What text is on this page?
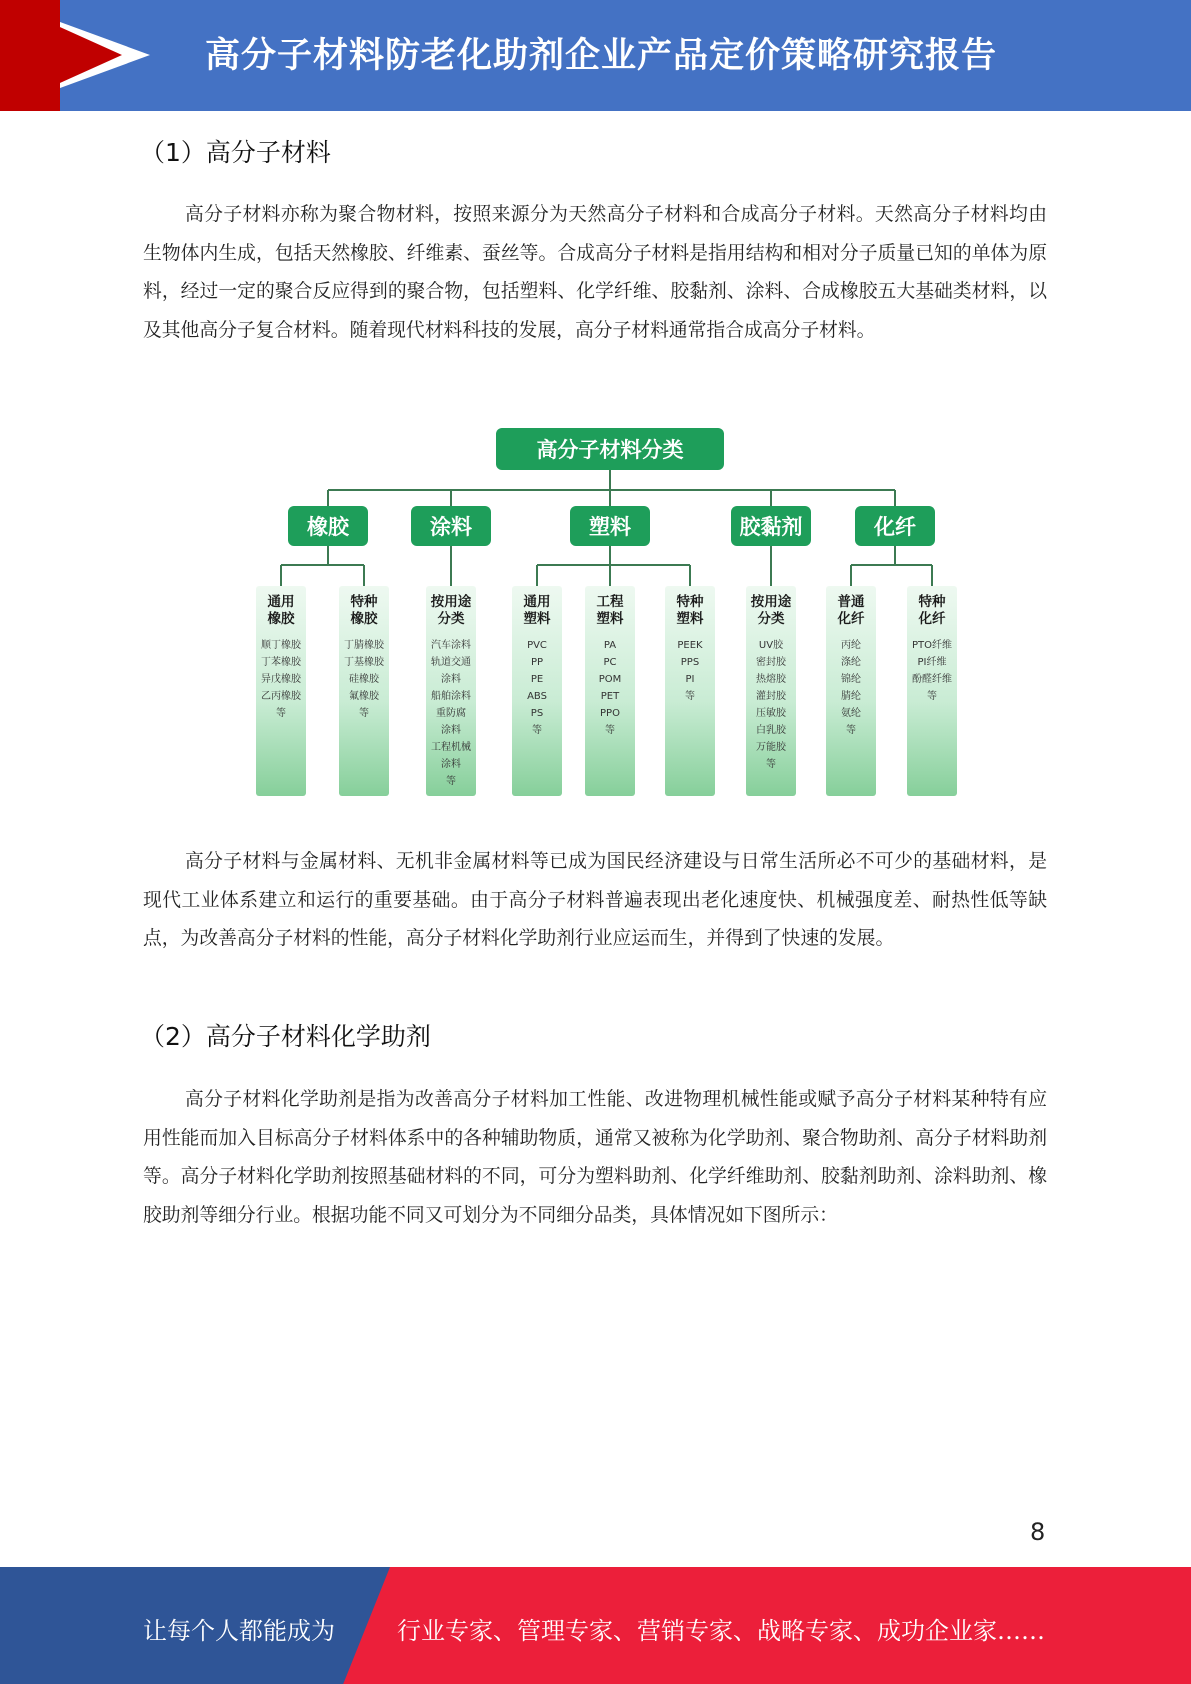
高分子材料防老化助剂企业产品定价策略研究报告
（1）高分子材料
高分子材料亦称为聚合物材料，按照来源分为天然高分子材料和合成高分子材料。天然高分子材料均由生物体内生成，包括天然橡胶、纤维素、蚕丝等。合成高分子材料是指用结构和相对分子质量已知的单体为原料，经过一定的聚合反应得到的聚合物，包括塑料、化学纤维、胶黏剂、涂料、合成橡胶五大基础类材料，以及其他高分子复合材料。随着现代材料科技的发展，高分子材料通常指合成高分子材料。
高分子材料分类
橡胶
通用
橡胶
顺丁橡胶
丁苯橡胶
异戊橡胶
乙丙橡胶
等
特种
橡胶
丁腈橡胶
丁基橡胶
硅橡胶
氟橡胶
等
涂料
按用途
分类
汽车涂料
轨道交通
涂料
船舶涂料
重防腐
涂料
工程机械
涂料
等
塑料
通用
塑料
PVC
PP
PE
ABS
PS
等
工程
塑料
PA
PC
POM
PET
PPO
等
特种
塑料
PEEK
PPS
PI
等
胶黏剂
按用途
分类
UV胶
密封胶
热熔胶
灌封胶
压敏胶
白乳胶
万能胶
等
化纤
普通
化纤
丙纶
涤纶
锦纶
腈纶
氨纶
等
特种
化纤
PTO纤维
PI纤维
酚醛纤维
等
高分子材料与金属材料、无机非金属材料等已成为国民经济建设与日常生活所必不可少的基础材料，是现代工业体系建立和运行的重要基础。由于高分子材料普遍表现出老化速度快、机械强度差、耐热性低等缺点，为改善高分子材料的性能，高分子材料化学助剂行业应运而生，并得到了快速的发展。
（2）高分子材料化学助剂
高分子材料化学助剂是指为改善高分子材料加工性能、改进物理机械性能或赋予高分子材料某种特有应用性能而加入目标高分子材料体系中的各种辅助物质，通常又被称为化学助剂、聚合物助剂、高分子材料助剂等。高分子材料化学助剂按照基础材料的不同，可分为塑料助剂、化学纤维助剂、胶黏剂助剂、涂料助剂、橡胶助剂等细分行业。根据功能不同又可划分为不同细分品类，具体情况如下图所示：
8
让每个人都能成为	行业专家、管理专家、营销专家、战略专家、成功企业家……
